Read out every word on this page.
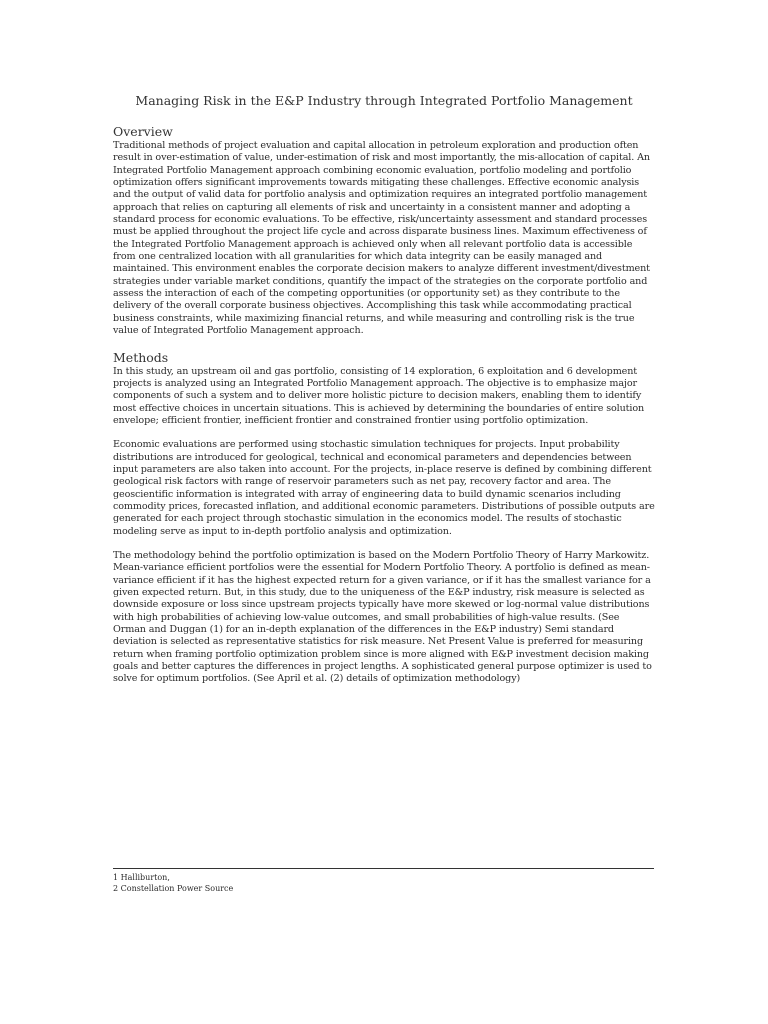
Managing Risk in the E&P Industry through Integrated Portfolio Management
Overview

Traditional methods of project evaluation and capital allocation in petroleum exploration and production often result in over-estimation of value, under-estimation of risk and most importantly, the mis-allocation of capital. An Integrated Portfolio Management approach combining economic evaluation, portfolio modeling and portfolio optimization offers significant improvements towards mitigating these challenges. Effective economic analysis and the output of valid data for portfolio analysis and optimization requires an integrated portfolio management approach that relies on capturing all elements of risk and uncertainty in a consistent manner and adopting a standard process for economic evaluations. To be effective, risk/uncertainty assessment and standard processes must be applied throughout the project life cycle and across disparate business lines. Maximum effectiveness of the Integrated Portfolio Management approach is achieved only when all relevant portfolio data is accessible from one centralized location with all granularities for which data integrity can be easily managed and maintained. This environment enables the corporate decision makers to analyze different investment/divestment strategies under variable market conditions, quantify the impact of the strategies on the corporate portfolio and assess the interaction of each of the competing opportunities (or opportunity set) as they contribute to the delivery of the overall corporate business objectives. Accomplishing this task while accommodating practical business constraints, while maximizing financial returns, and while measuring and controlling risk is the true value of Integrated Portfolio Management approach.

Methods

In this study, an upstream oil and gas portfolio, consisting of 14 exploration, 6 exploitation and 6 development projects is analyzed using an Integrated Portfolio Management approach. The objective is to emphasize major components of such a system and to deliver more holistic picture to decision makers, enabling them to identify most effective choices in uncertain situations. This is achieved by determining the boundaries of entire solution envelope; efficient frontier, inefficient frontier and constrained frontier using portfolio optimization.

Economic evaluations are performed using stochastic simulation techniques for projects. Input probability distributions are introduced for geological, technical and economical parameters and dependencies between input parameters are also taken into account. For the projects, in-place reserve is defined by combining different geological risk factors with range of reservoir parameters such as net pay, recovery factor and area. The geoscientific information is integrated with array of engineering data to build dynamic scenarios including commodity prices, forecasted inflation, and additional economic parameters. Distributions of possible outputs are generated for each project through stochastic simulation in the economics model. The results of stochastic modeling serve as input to in-depth portfolio analysis and optimization.

The methodology behind the portfolio optimization is based on the Modern Portfolio Theory of Harry Markowitz. Mean-variance efficient portfolios were the essential for Modern Portfolio Theory. A portfolio is defined as mean-variance efficient if it has the highest expected return for a given variance, or if it has the smallest variance for a given expected return. But, in this study, due to the uniqueness of the E&P industry, risk measure is selected as downside exposure or loss since upstream projects typically have more skewed or log-normal value distributions with high probabilities of achieving low-value outcomes, and small probabilities of high-value results. (See Orman and Duggan (1) for an in-depth explanation of the differences in the E&P industry) Semi standard deviation is selected as representative statistics for risk measure. Net Present Value is preferred for measuring return when framing portfolio optimization problem since is more aligned with E&P investment decision making goals and better captures the differences in project lengths. A sophisticated general purpose optimizer is used to solve for optimum portfolios. (See April et al. (2) details of optimization methodology)

1 Halliburton,
2 Constellation Power Source
